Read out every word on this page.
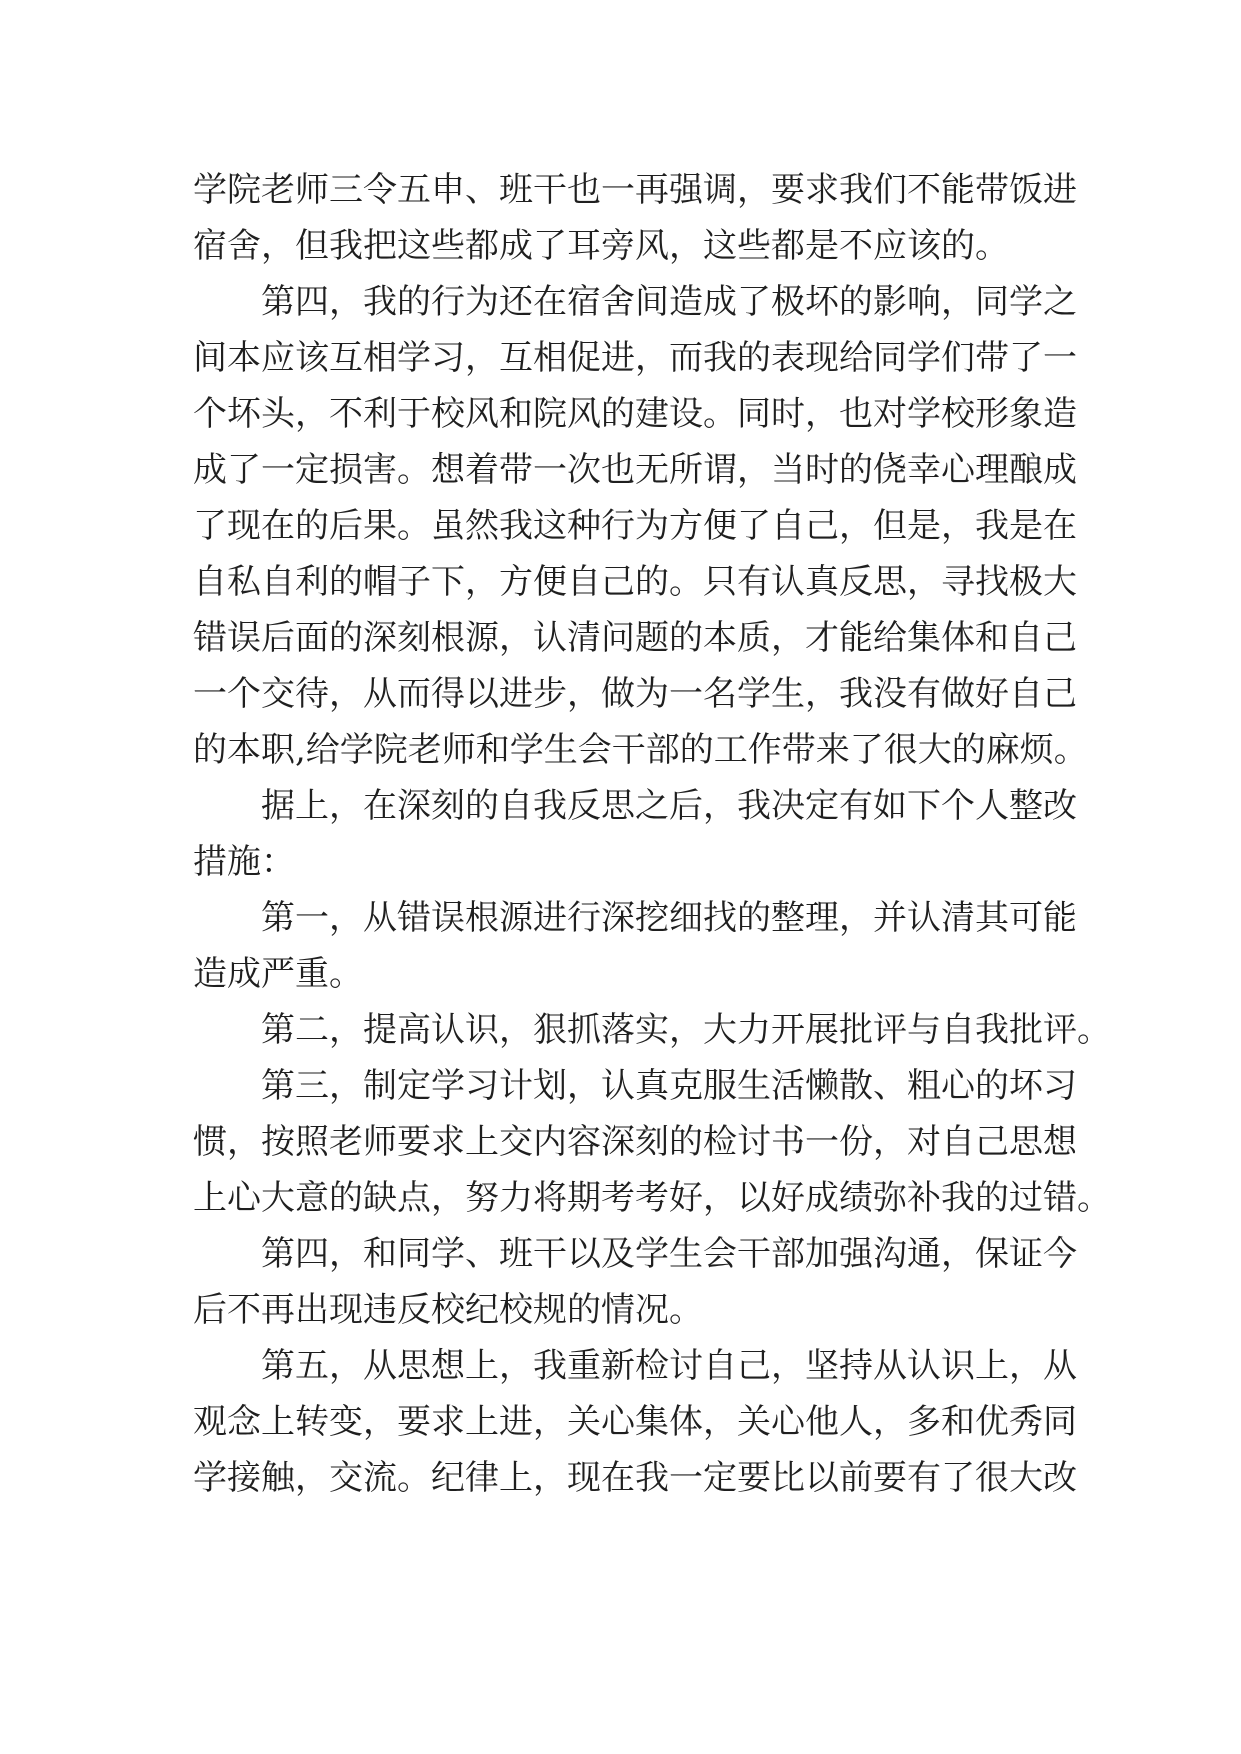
学院老师三令五申、班干也一再强调，要求我们不能带饭进
宿舍，但我把这些都成了耳旁风，这些都是不应该的。
第四，我的行为还在宿舍间造成了极坏的影响，同学之
间本应该互相学习，互相促进，而我的表现给同学们带了一
个坏头，不利于校风和院风的建设。同时，也对学校形象造
成了一定损害。想着带一次也无所谓，当时的侥幸心理酿成
了现在的后果。虽然我这种行为方便了自己，但是，我是在
自私自利的帽子下，方便自己的。只有认真反思，寻找极大
错误后面的深刻根源，认清问题的本质，才能给集体和自己
一个交待，从而得以进步，做为一名学生，我没有做好自己
的本职,给学院老师和学生会干部的工作带来了很大的麻烦。
据上，在深刻的自我反思之后，我决定有如下个人整改
措施：
第一，从错误根源进行深挖细找的整理，并认清其可能
造成严重。
第二，提高认识，狠抓落实，大力开展批评与自我批评。
第三，制定学习计划，认真克服生活懒散、粗心的坏习
惯，按照老师要求上交内容深刻的检讨书一份，对自己思想
上心大意的缺点，努力将期考考好，以好成绩弥补我的过错。
第四，和同学、班干以及学生会干部加强沟通，保证今
后不再出现违反校纪校规的情况。
第五，从思想上，我重新检讨自己，坚持从认识上，从
观念上转变，要求上进，关心集体，关心他人，多和优秀同
学接触，交流。纪律上，现在我一定要比以前要有了很大改
